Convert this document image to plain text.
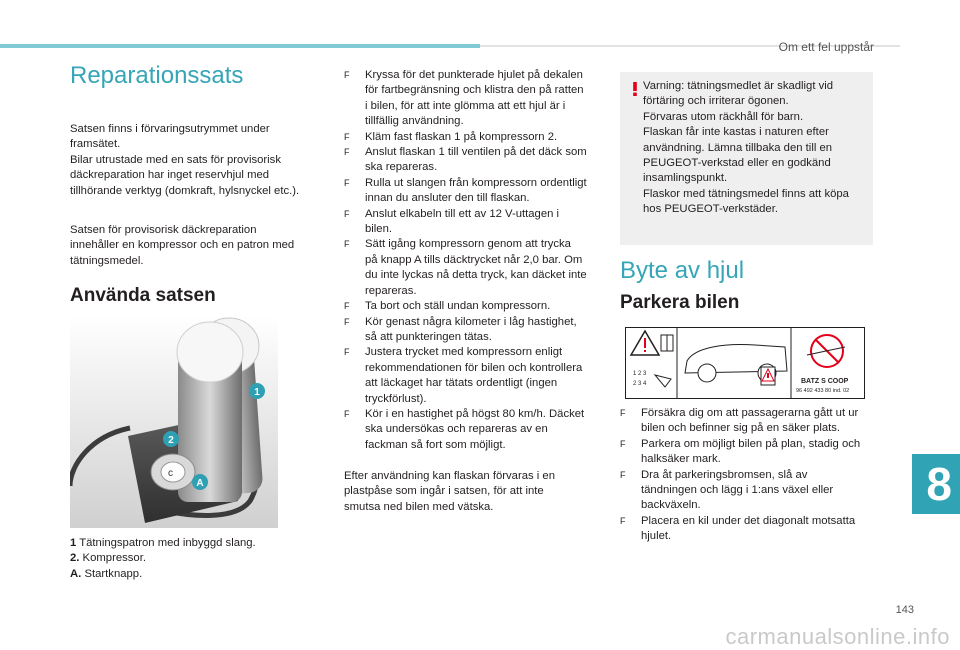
Om ett fel uppstår
Reparationssats

Satsen finns i förvaringsutrymmet under

framsätet.

Bilar utrustade med en sats för provisorisk

däckreparation har inget reservhjul med

tillhörande verktyg (domkraft, hylsnyckel etc.).

Satsen för provisorisk däckreparation

innehåller en kompressor och en patron med

tätningsmedel.

Använda satsen
c
1
2
A
1 Tätningspatron med inbyggd slang.
2. Kompressor.
A. Startknapp.
F Kryssa för det punkterade hjulet på dekalen
för fartbegränsning och klistra den på ratten
i bilen, för att inte glömma att ett hjul är i
tillfällig användning.
F Kläm fast flaskan 1 på kompressorn 2.
F Anslut flaskan 1 till ventilen på det däck som
ska repareras.
F Rulla ut slangen från kompressorn ordentligt
innan du ansluter den till flaskan.
F Anslut elkabeln till ett av 12 V-uttagen i
bilen.
F Sätt igång kompressorn genom att trycka
på knapp A tills däcktrycket når 2,0 bar. Om
du inte lyckas nå detta tryck, kan däcket inte
repareras.
F Ta bort och ställ undan kompressorn.
F Kör genast några kilometer i låg hastighet,
så att punkteringen tätas.
F Justera trycket med kompressorn enligt
rekommendationen för bilen och kontrollera
att läckaget har tätats ordentligt (ingen
tryckförlust).
F Kör i en hastighet på högst 80 km/h. Däcket
ska undersökas och repareras av en
fackman så fort som möjligt.

Efter användning kan flaskan förvaras i en

plastpåse som ingår i satsen, för att inte

smutsa ned bilen med vätska.

Varning: tätningsmedlet är skadligt vid

förtäring och irriterar ögonen.

Förvaras utom räckhåll för barn.

Flaskan får inte kastas i naturen efter

användning. Lämna tillbaka den till en

PEUGEOT-verkstad eller en godkänd

insamlingspunkt.

Flaskor med tätningsmedel finns att köpa

hos PEUGEOT-verkstäder.

Byte av hjul
Parkera bilen
1 2 3
2 3 4	BATZ S COOP
96 492 433 80 ind. 02
F Försäkra dig om att passagerarna gått ut ur
bilen och befinner sig på en säker plats.
F Parkera om möjligt bilen på plan, stadig och
halksäker mark.
F Dra åt parkeringsbromsen, slå av
tändningen och lägg i 1:ans växel eller
backväxeln.
F Placera en kil under det diagonalt motsatta
hjulet.
8
143
carmanualsonline.info
